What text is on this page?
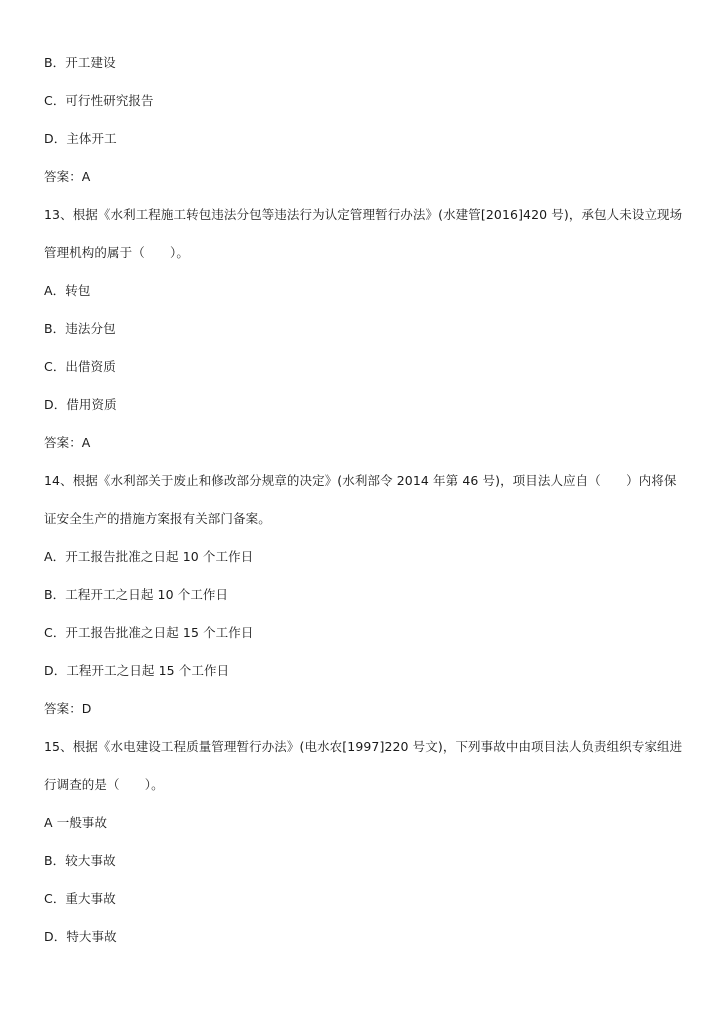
B．开工建设
C．可行性研究报告
D．主体开工
答案：A
13、根据《水利工程施工转包违法分包等违法行为认定管理暂行办法》(水建管[2016]420 号)，承包人未设立现场
管理机构的属于（　　）。
A．转包
B．违法分包
C．出借资质
D．借用资质
答案：A
14、根据《水利部关于废止和修改部分规章的决定》(水利部令 2014 年第 46 号)，项目法人应自（　　）内将保
证安全生产的措施方案报有关部门备案。
A．开工报告批准之日起 10 个工作日
B．工程开工之日起 10 个工作日
C．开工报告批准之日起 15 个工作日
D．工程开工之日起 15 个工作日
答案：D
15、根据《水电建设工程质量管理暂行办法》(电水农[1997]220 号文)，下列事故中由项目法人负责组织专家组进
行调查的是（　　）。
A 一般事故
B．较大事故
C．重大事故
D．特大事故
